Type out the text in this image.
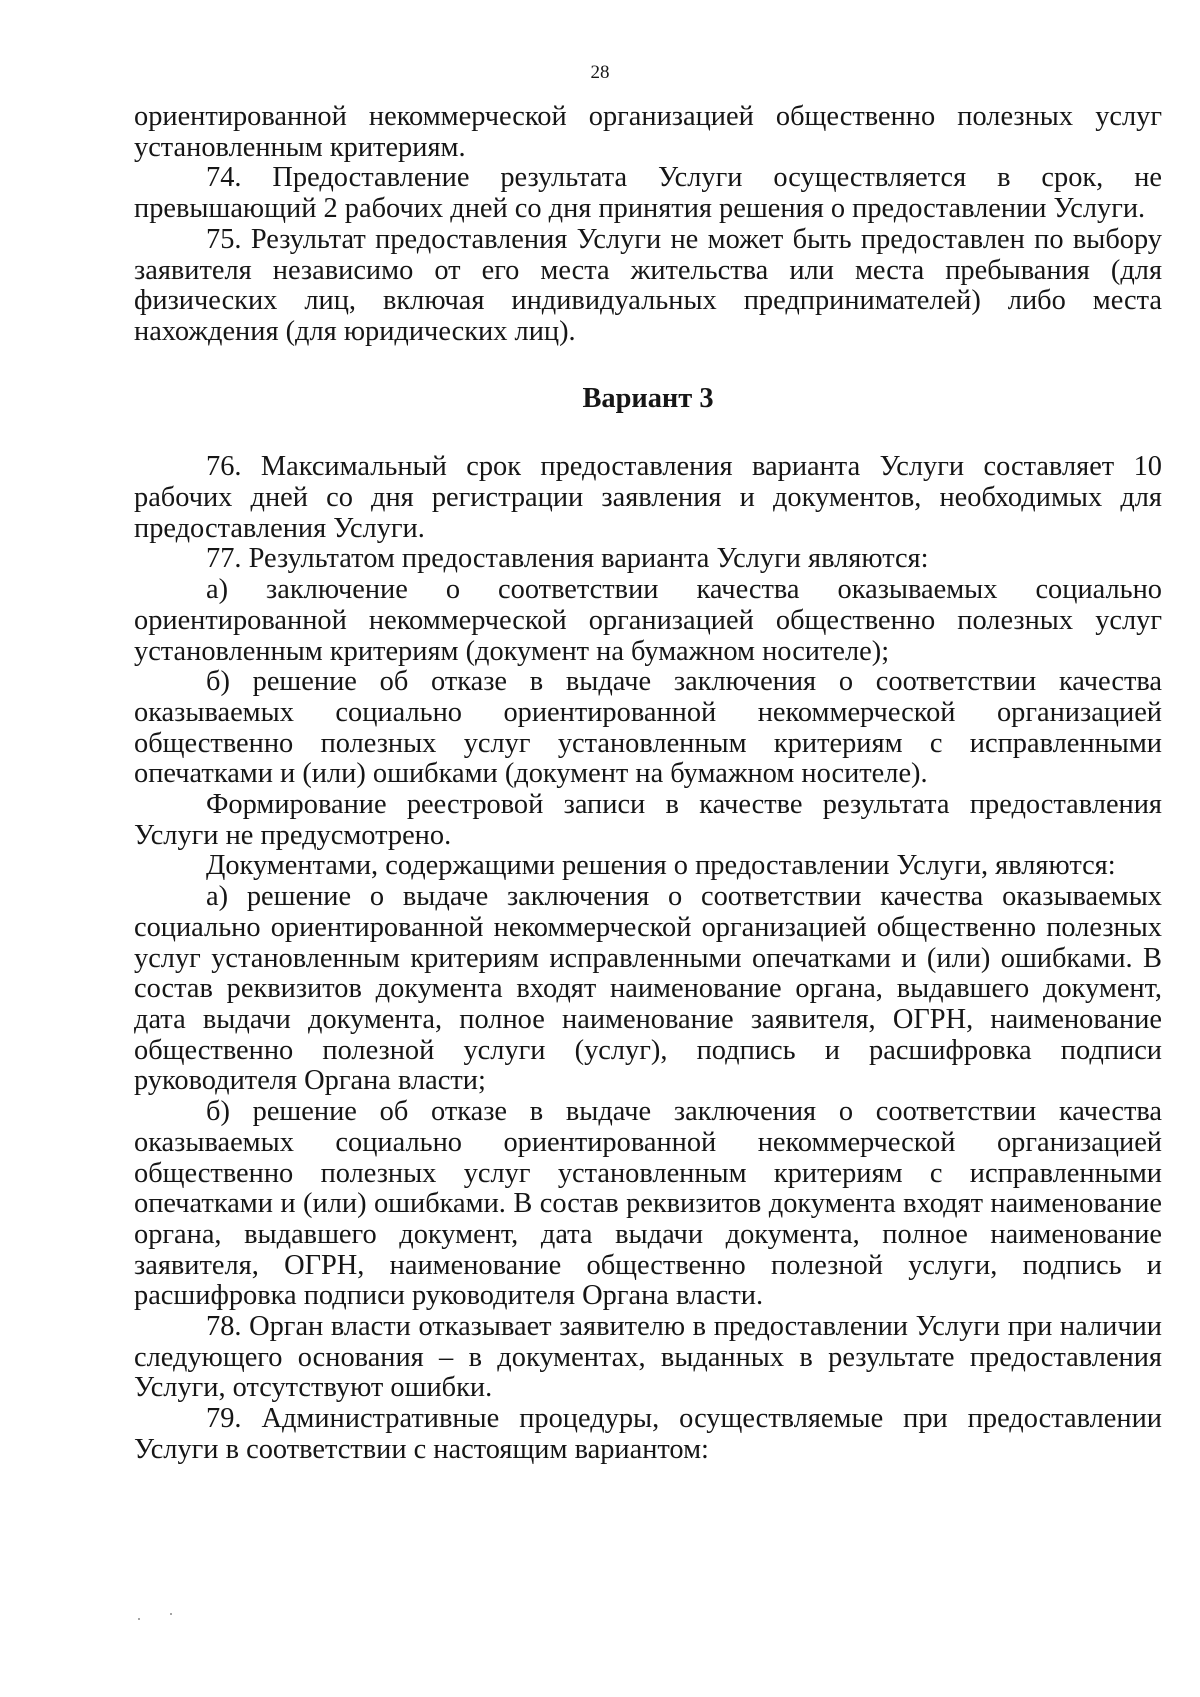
28

ориентированной некоммерческой организацией общественно полезных услуг установленным критериям.

74. Предоставление результата Услуги осуществляется в срок, не превышающий 2 рабочих дней со дня принятия решения о предоставлении Услуги.

75. Результат предоставления Услуги не может быть предоставлен по выбору заявителя независимо от его места жительства или места пребывания (для физических лиц, включая индивидуальных предпринимателей) либо места нахождения (для юридических лиц).

Вариант 3

76. Максимальный срок предоставления варианта Услуги составляет 10 рабочих дней со дня регистрации заявления и документов, необходимых для предоставления Услуги.

77. Результатом предоставления варианта Услуги являются:

а) заключение о соответствии качества оказываемых социально ориентированной некоммерческой организацией общественно полезных услуг установленным критериям (документ на бумажном носителе);

б) решение об отказе в выдаче заключения о соответствии качества оказываемых социально ориентированной некоммерческой организацией общественно полезных услуг установленным критериям с исправленными опечатками и (или) ошибками (документ на бумажном носителе).

Формирование реестровой записи в качестве результата предоставления Услуги не предусмотрено.

Документами, содержащими решения о предоставлении Услуги, являются:

а) решение о выдаче заключения о соответствии качества оказываемых социально ориентированной некоммерческой организацией общественно полезных услуг установленным критериям исправленными опечатками и (или) ошибками. В состав реквизитов документа входят наименование органа, выдавшего документ, дата выдачи документа, полное наименование заявителя, ОГРН, наименование общественно полезной услуги (услуг), подпись и расшифровка подписи руководителя Органа власти;

б) решение об отказе в выдаче заключения о соответствии качества оказываемых социально ориентированной некоммерческой организацией общественно полезных услуг установленным критериям с исправленными опечатками и (или) ошибками. В состав реквизитов документа входят наименование органа, выдавшего документ, дата выдачи документа, полное наименование заявителя, ОГРН, наименование общественно полезной услуги, подпись и расшифровка подписи руководителя Органа власти.

78. Орган власти отказывает заявителю в предоставлении Услуги при наличии следующего основания – в документах, выданных в результате предоставления Услуги, отсутствуют ошибки.

79. Административные процедуры, осуществляемые при предоставлении Услуги в соответствии с настоящим вариантом:
